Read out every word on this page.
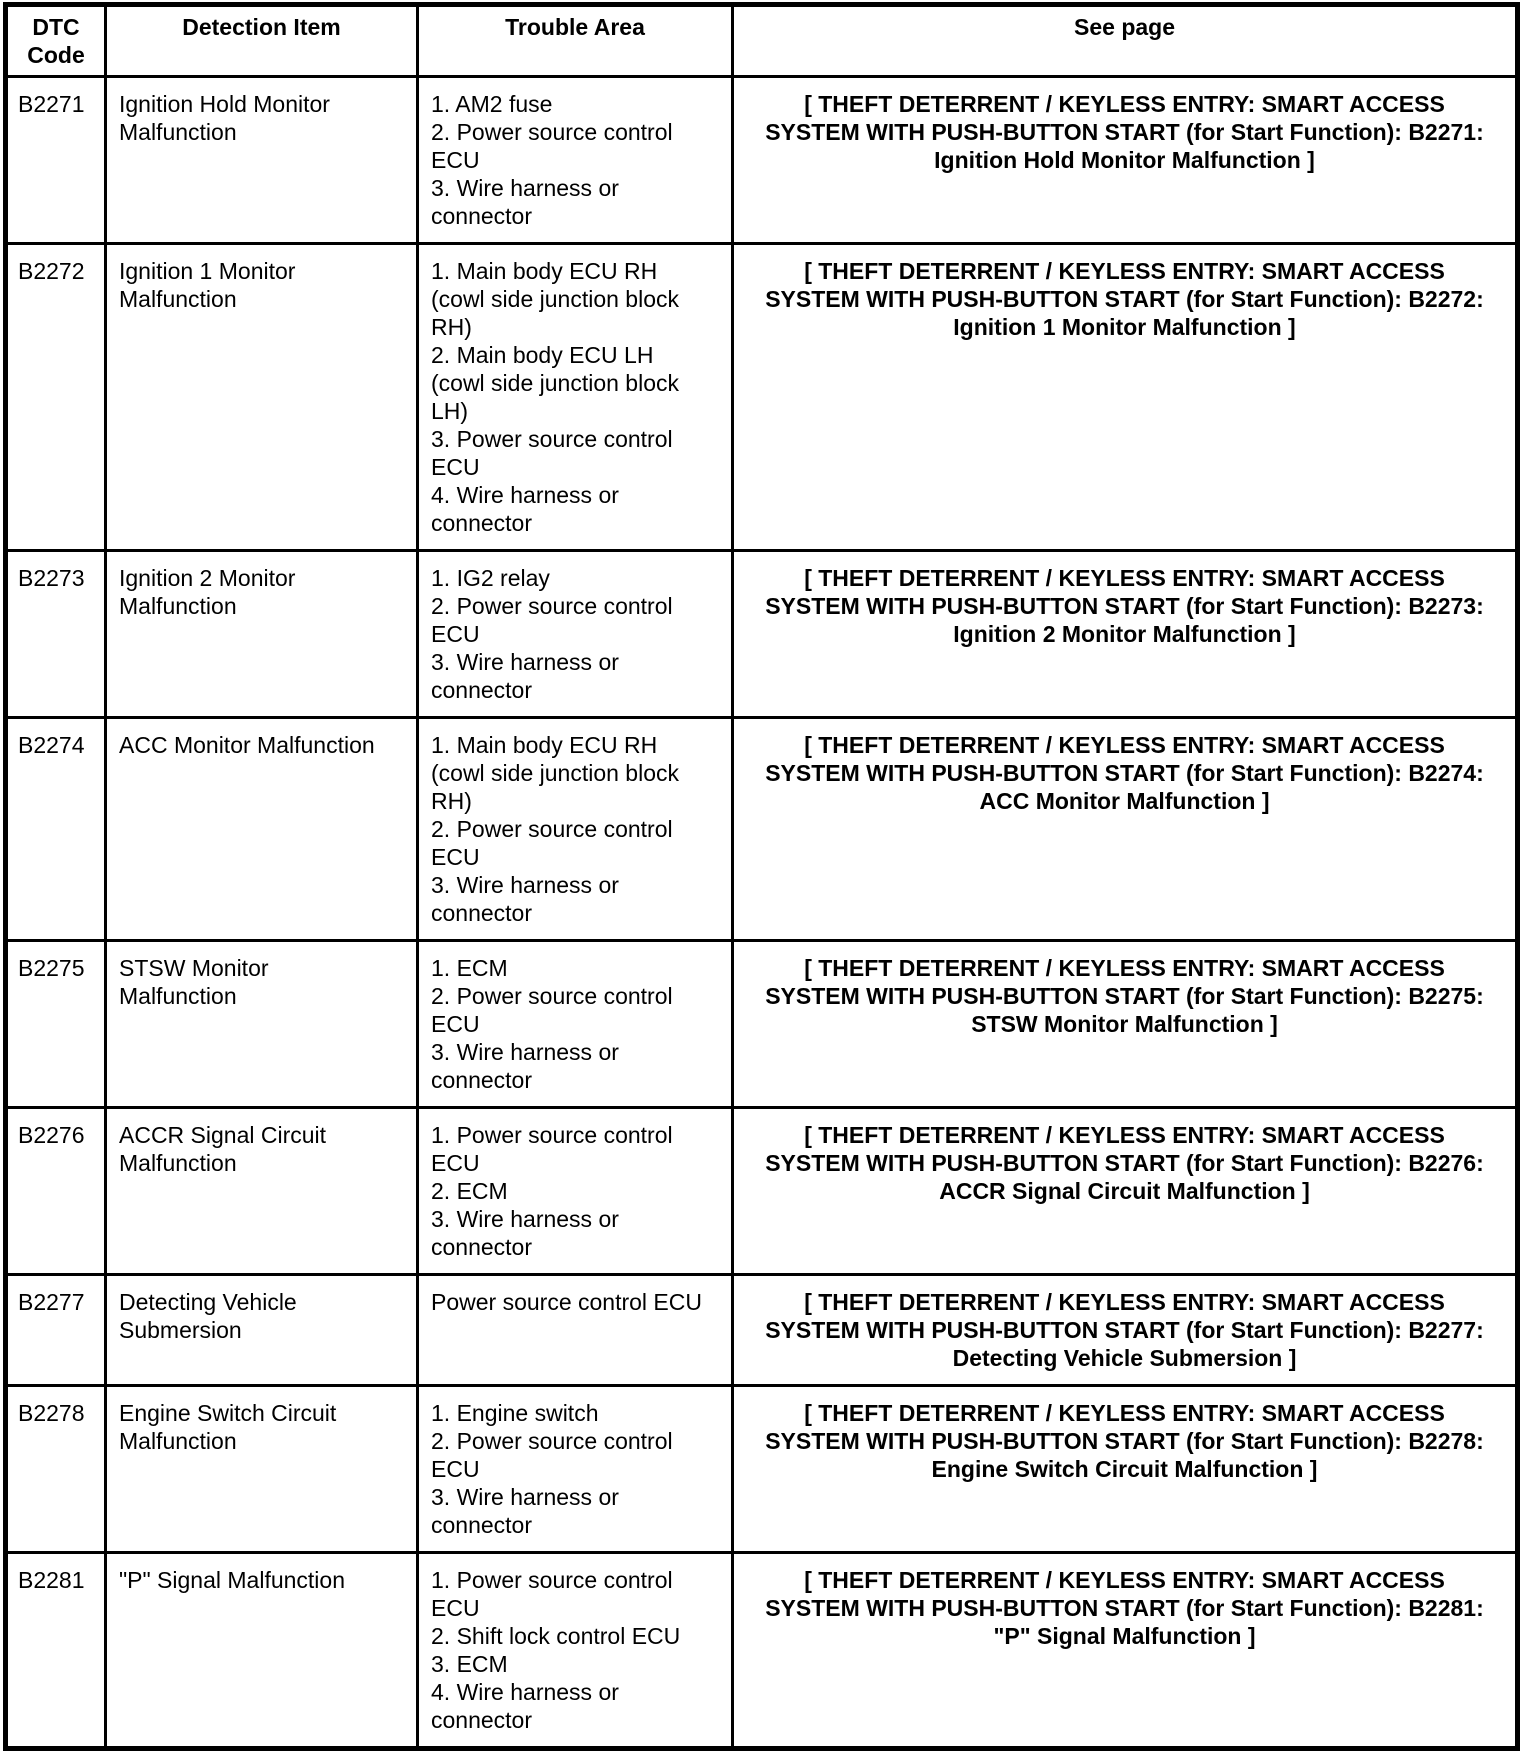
DTC Code	Detection Item	Trouble Area	See page
B2271	Ignition Hold Monitor Malfunction	1. AM2 fuse
2. Power source control ECU
3. Wire harness or connector	[ THEFT DETERRENT / KEYLESS ENTRY: SMART ACCESS SYSTEM WITH PUSH-BUTTON START (for Start Function): B2271: Ignition Hold Monitor Malfunction ]
B2272	Ignition 1 Monitor Malfunction	1. Main body ECU RH (cowl side junction block RH)
2. Main body ECU LH (cowl side junction block LH)
3. Power source control ECU
4. Wire harness or connector	[ THEFT DETERRENT / KEYLESS ENTRY: SMART ACCESS SYSTEM WITH PUSH-BUTTON START (for Start Function): B2272: Ignition 1 Monitor Malfunction ]
B2273	Ignition 2 Monitor Malfunction	1. IG2 relay
2. Power source control ECU
3. Wire harness or connector	[ THEFT DETERRENT / KEYLESS ENTRY: SMART ACCESS SYSTEM WITH PUSH-BUTTON START (for Start Function): B2273: Ignition 2 Monitor Malfunction ]
B2274	ACC Monitor Malfunction	1. Main body ECU RH (cowl side junction block RH)
2. Power source control ECU
3. Wire harness or connector	[ THEFT DETERRENT / KEYLESS ENTRY: SMART ACCESS SYSTEM WITH PUSH-BUTTON START (for Start Function): B2274: ACC Monitor Malfunction ]
B2275	STSW Monitor Malfunction	1. ECM
2. Power source control ECU
3. Wire harness or connector	[ THEFT DETERRENT / KEYLESS ENTRY: SMART ACCESS SYSTEM WITH PUSH-BUTTON START (for Start Function): B2275: STSW Monitor Malfunction ]
B2276	ACCR Signal Circuit Malfunction	1. Power source control ECU
2. ECM
3. Wire harness or connector	[ THEFT DETERRENT / KEYLESS ENTRY: SMART ACCESS SYSTEM WITH PUSH-BUTTON START (for Start Function): B2276: ACCR Signal Circuit Malfunction ]
B2277	Detecting Vehicle Submersion	Power source control ECU	[ THEFT DETERRENT / KEYLESS ENTRY: SMART ACCESS SYSTEM WITH PUSH-BUTTON START (for Start Function): B2277: Detecting Vehicle Submersion ]
B2278	Engine Switch Circuit Malfunction	1. Engine switch
2. Power source control ECU
3. Wire harness or connector	[ THEFT DETERRENT / KEYLESS ENTRY: SMART ACCESS SYSTEM WITH PUSH-BUTTON START (for Start Function): B2278: Engine Switch Circuit Malfunction ]
B2281	"P" Signal Malfunction	1. Power source control ECU
2. Shift lock control ECU
3. ECM
4. Wire harness or connector	[ THEFT DETERRENT / KEYLESS ENTRY: SMART ACCESS SYSTEM WITH PUSH-BUTTON START (for Start Function): B2281: "P" Signal Malfunction ]
